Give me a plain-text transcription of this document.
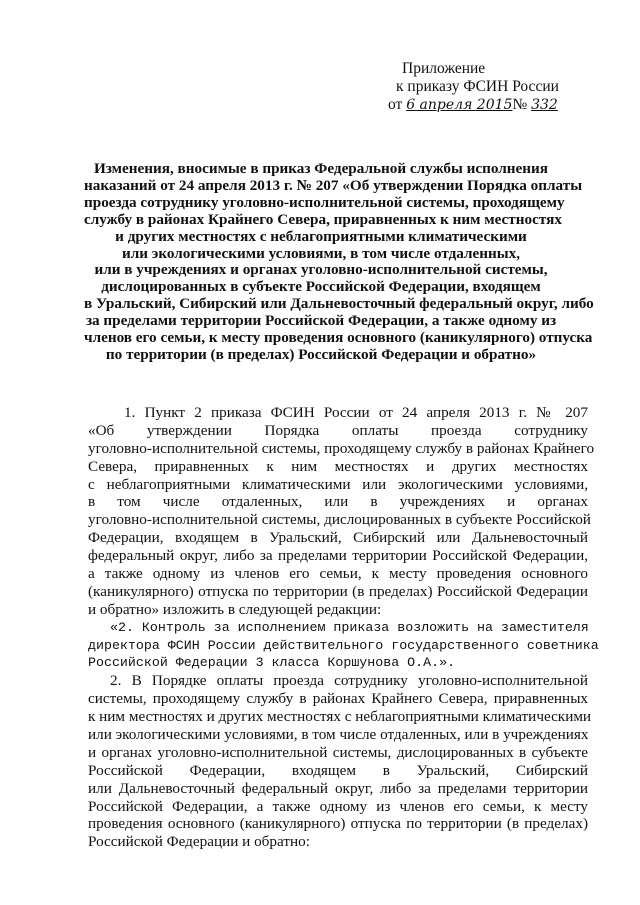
Приложение
к приказу ФСИН России
от 6 апреля 2015№ 332
Изменения, вносимые в приказ Федеральной службы исполнения
наказаний от 24 апреля 2013 г. № 207 «Об утверждении Порядка оплаты
проезда сотруднику уголовно-исполнительной системы, проходящему
службу в районах Крайнего Севера, приравненных к ним местностях
и других местностях с неблагоприятными климатическими
или экологическими условиями, в том числе отдаленных,
или в учреждениях и органах уголовно-исполнительной системы,
дислоцированных в субъекте Российской Федерации, входящем
в Уральский, Сибирский или Дальневосточный федеральный округ, либо
за пределами территории Российской Федерации, а также одному из
членов его семьи, к месту проведения основного (каникулярного) отпуска
по территории (в пределах) Российской Федерации и обратно»
1. Пункт 2 приказа ФСИН России от 24 апреля 2013 г. № 207
«Об утверждении Порядка оплаты проезда сотруднику
уголовно-исполнительной системы, проходящему службу в районах Крайнего
Севера, приравненных к ним местностях и других местностях
с неблагоприятными климатическими или экологическими условиями,
в том числе отдаленных, или в учреждениях и органах
уголовно-исполнительной системы, дислоцированных в субъекте Российской
Федерации, входящем в Уральский, Сибирский или Дальневосточный
федеральный округ, либо за пределами территории Российской Федерации,
а также одному из членов его семьи, к месту проведения основного
(каникулярного) отпуска по территории (в пределах) Российской Федерации
и обратно» изложить в следующей редакции:
«2. Контроль за исполнением приказа возложить на заместителя
директора ФСИН России действительного государственного советника
Российской Федерации 3 класса Коршунова О.А.».
2. В Порядке оплаты проезда сотруднику уголовно-исполнительной
системы, проходящему службу в районах Крайнего Севера, приравненных
к ним местностях и других местностях с неблагоприятными климатическими
или экологическими условиями, в том числе отдаленных, или в учреждениях
и органах уголовно-исполнительной системы, дислоцированных в субъекте
Российской Федерации, входящем в Уральский, Сибирский
или Дальневосточный федеральный округ, либо за пределами территории
Российской Федерации, а также одному из членов его семьи, к месту
проведения основного (каникулярного) отпуска по территории (в пределах)
Российской Федерации и обратно:
